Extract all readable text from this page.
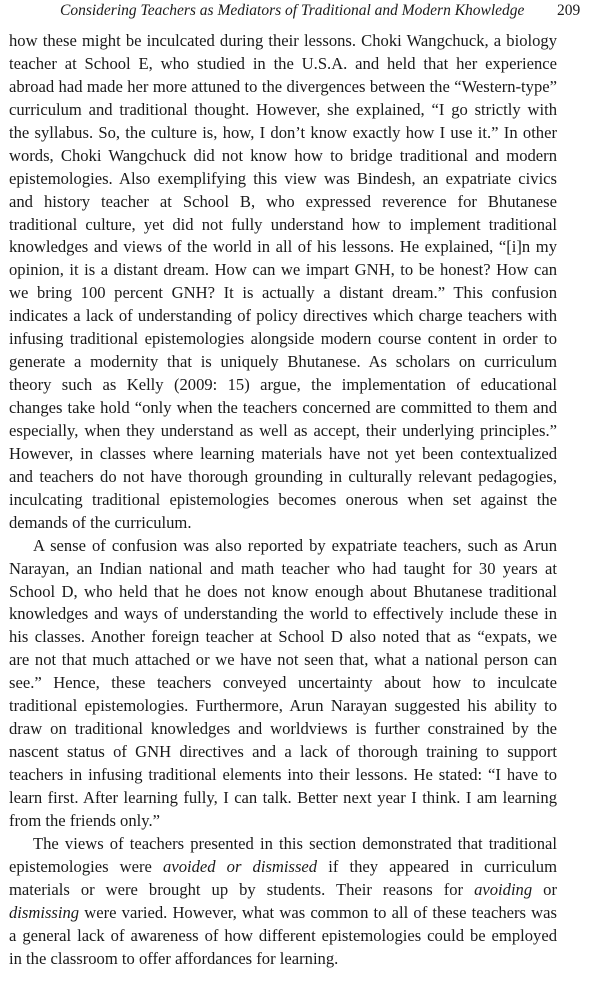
Considering Teachers as Mediators of Traditional and Modern Khowledge 209
how these might be inculcated during their lessons. Choki Wangchuck, a biology
teacher at School E, who studied in the U.S.A. and held that her experience
abroad had made her more attuned to the divergences between the “Western-type”
curriculum and traditional thought. However, she explained, “I go strictly with
the syllabus. So, the culture is, how, I don’t know exactly how I use it.” In other
words, Choki Wangchuck did not know how to bridge traditional and modern
epistemologies. Also exemplifying this view was Bindesh, an expatriate civics
and history teacher at School B, who expressed reverence for Bhutanese
traditional culture, yet did not fully understand how to implement traditional
knowledges and views of the world in all of his lessons. He explained, “[i]n my
opinion, it is a distant dream. How can we impart GNH, to be honest? How can
we bring 100 percent GNH? It is actually a distant dream.” This confusion
indicates a lack of understanding of policy directives which charge teachers with
infusing traditional epistemologies alongside modern course content in order to
generate a modernity that is uniquely Bhutanese. As scholars on curriculum
theory such as Kelly (2009: 15) argue, the implementation of educational
changes take hold “only when the teachers concerned are committed to them and
especially, when they understand as well as accept, their underlying principles.”
However, in classes where learning materials have not yet been contextualized
and teachers do not have thorough grounding in culturally relevant pedagogies,
inculcating traditional epistemologies becomes onerous when set against the
demands of the curriculum.
A sense of confusion was also reported by expatriate teachers, such as Arun
Narayan, an Indian national and math teacher who had taught for 30 years at
School D, who held that he does not know enough about Bhutanese traditional
knowledges and ways of understanding the world to effectively include these in
his classes. Another foreign teacher at School D also noted that as “expats, we
are not that much attached or we have not seen that, what a national person can
see.” Hence, these teachers conveyed uncertainty about how to inculcate
traditional epistemologies. Furthermore, Arun Narayan suggested his ability to
draw on traditional knowledges and worldviews is further constrained by the
nascent status of GNH directives and a lack of thorough training to support
teachers in infusing traditional elements into their lessons. He stated: “I have to
learn first. After learning fully, I can talk. Better next year I think. I am learning
from the friends only.”
The views of teachers presented in this section demonstrated that traditional
epistemologies were avoided or dismissed if they appeared in curriculum
materials or were brought up by students. Their reasons for avoiding or
dismissing were varied. However, what was common to all of these teachers was
a general lack of awareness of how different epistemologies could be employed
in the classroom to offer affordances for learning.
